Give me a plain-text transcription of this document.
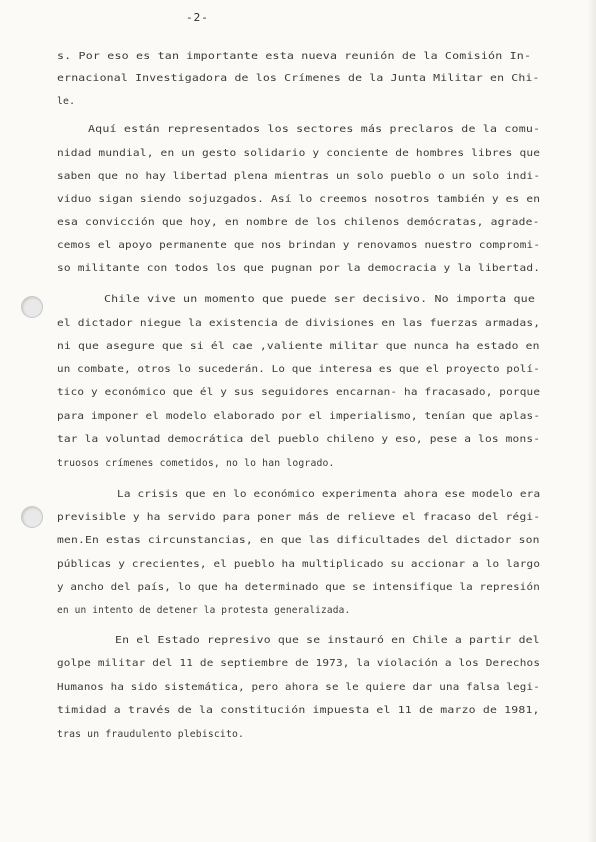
-2-
s. Por eso es tan importante esta nueva reunión de la Comisión In-
ernacional Investigadora de los Crímenes de la Junta Militar en Chi-
le.
Aquí están representados los sectores más preclaros de la comu-
nidad mundial, en un gesto solidario y conciente de hombres libres que
saben que no hay libertad plena mientras un solo pueblo o un solo indi-
viduo sigan siendo sojuzgados. Así lo creemos nosotros también y es en
esa convicción que hoy, en nombre de los chilenos demócratas, agrade-
cemos el apoyo permanente que nos brindan y renovamos nuestro compromi-
so militante con todos los que pugnan por la democracia y la libertad.
Chile vive un momento que puede ser decisivo. No importa que
el dictador niegue la existencia de divisiones en las fuerzas armadas,
ni que asegure que si él cae ,valiente militar que nunca ha estado en
un combate, otros lo sucederán. Lo que interesa es que el proyecto polí-
tico y económico que él y sus seguidores encarnan- ha fracasado, porque
para imponer el modelo elaborado por el imperialismo, tenían que aplas-
tar la voluntad democrática del pueblo chileno y eso, pese a los mons-
truosos crímenes cometidos, no lo han logrado.
La crisis que en lo económico experimenta ahora ese modelo era
previsible y ha servido para poner más de relieve el fracaso del régi-
men.En estas circunstancias, en que las dificultades del dictador son
públicas y crecientes, el pueblo ha multiplicado su accionar a lo largo
y ancho del país, lo que ha determinado que se intensifique la represión
en un intento de detener la protesta generalizada.
En el Estado represivo que se instauró en Chile a partir del
golpe militar del 11 de septiembre de 1973, la violación a los Derechos
Humanos ha sido sistemática, pero ahora se le quiere dar una falsa legi-
timidad a través de la constitución impuesta el 11 de marzo de 1981,
tras un fraudulento plebiscito.
